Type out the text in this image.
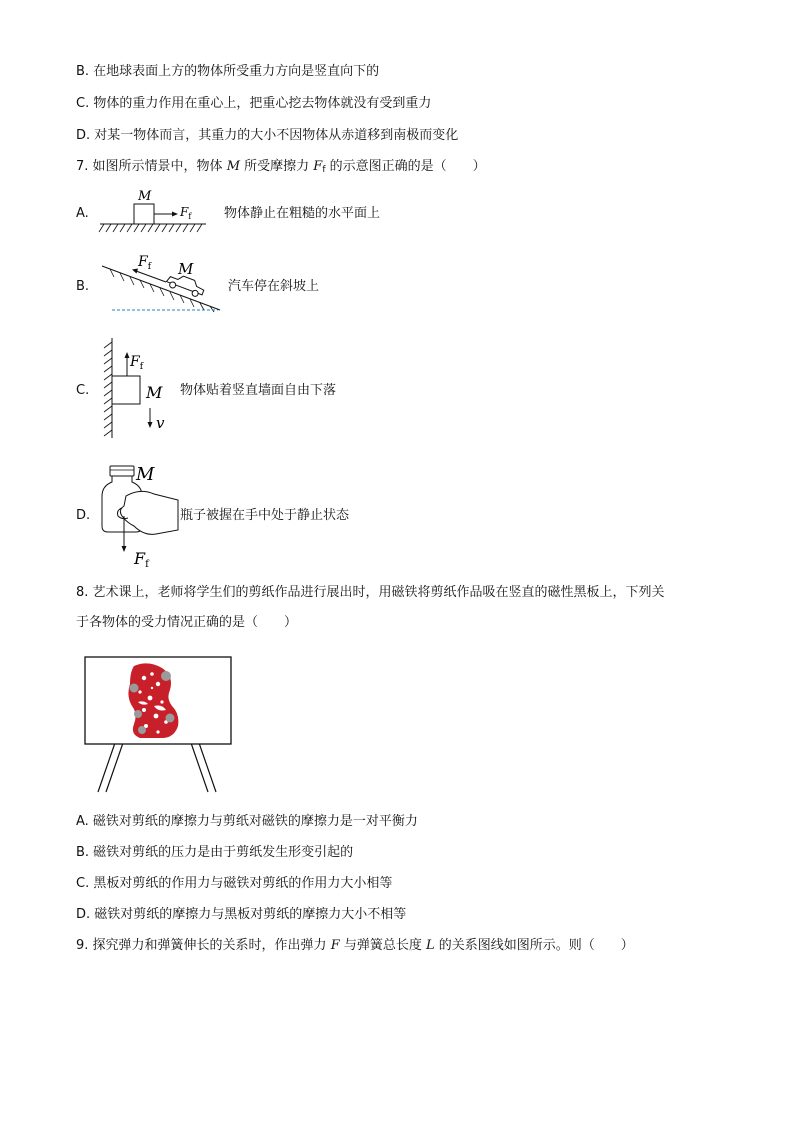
B. 在地球表面上方的物体所受重力方向是竖直向下的
C. 物体的重力作用在重心上，把重心挖去物体就没有受到重力
D. 对某一物体而言，其重力的大小不因物体从赤道移到南极而变化
7. 如图所示情景中，物体 M 所受摩擦力 $F_f$ 的示意图正确的是（　　）
A.
M
$F_f$	物体静止在粗糙的水平面上
B.
$F_f$ M
汽车停在斜坡上
C.
$F_f$
M
v
物体贴着竖直墙面自由下落
D.
Ff
M
瓶子被握在手中处于静止状态
8. 艺术课上，老师将学生们的剪纸作品进行展出时，用磁铁将剪纸作品吸在竖直的磁性黑板上，下列关
于各物体的受力情况正确的是（　　）
A. 磁铁对剪纸的摩擦力与剪纸对磁铁的摩擦力是一对平衡力
B. 磁铁对剪纸的压力是由于剪纸发生形变引起的
C. 黑板对剪纸的作用力与磁铁对剪纸的作用力大小相等
D. 磁铁对剪纸的摩擦力与黑板对剪纸的摩擦力大小不相等
9. 探究弹力和弹簧伸长的关系时，作出弹力 F 与弹簧总长度 L 的关系图线如图所示。则（　　）
